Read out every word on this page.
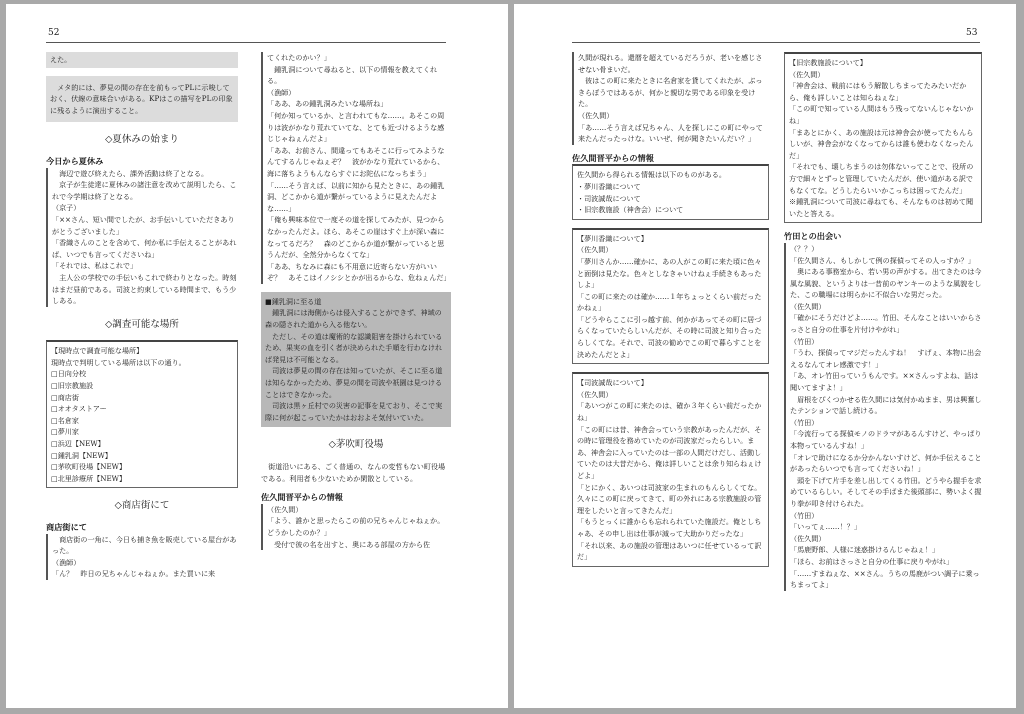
52

えた。

　メタ的には、夢見の間の存在を前もってPLに示唆しておく、伏線の意味合いがある。KPはこの描写をPLの印象に残るように演出すること。

◇夏休みの始まり

今日から夏休み

　海辺で遊び終えたら、課外活動は終了となる。

　京子が生徒達に夏休みの諸注意を改めて説明したら、これで今学期は終了となる。

（京子）

「××さん、短い間でしたが、お手伝いしていただきありがとうございました」

「香織さんのことを含めて、何か私に手伝えることがあれば、いつでも言ってくださいね」

「それでは、私はこれで」

　主人公の学校での手伝いもこれで終わりとなった。時刻はまだ昼前である。司波と約束している時間まで、もう少しある。

◇調査可能な場所

【現時点で調査可能な場所】

現時点で判明している場所は以下の通り。

□日向分校

□旧宗教施設

□商店街

□オオタストアー

□名倉家

□夢川家

□浜辺【NEW】

□鍾乳洞【NEW】

□茅吹町役場【NEW】

□北里診療所【NEW】

◇商店街にて

商店街にて

　商店街の一角に、今日も捕き魚を販売している屋台があった。

（漁師）

「ん？　昨日の兄ちゃんじゃねぇか。また買いに来

てくれたのかい？」

　鍾乳洞について尋ねると、以下の情報を教えてくれる。

（漁師）

「ああ、あの鍾乳洞みたいな場所ね」

「何か知っているか、と言われてもな……。あそこの周りは波がかなり荒れていてな、とても近づけるような感じじゃねぇんだよ」

「ああ、お前さん、間違ってもあそこに行ってみようなんてするんじゃねぇぞ？　波がかなり荒れているから、海に落ちようもんならすぐにお陀仏になっちまう」

「……そう言えば、以前に知から見たときに、あの鍾乳洞、どこかから道が繋がっているように見えたんだよな……」

「俺も興味本位で一度その道を探してみたが、見つからなかったんだよ。ほら、あそこの崖はすぐ上が深い森になってるだろ？　森のどこからか道が繋がっていると思うんだが、全然分からなくてな」

「ああ、ちなみに森にも不用意に近寄らない方がいいぞ？　あそこはイノシシとかが出るからな、危ねぇんだ」

■鍾乳洞に至る道

　鍾乳洞には海側からは侵入することができず、神域の森の隠された道から入る他ない。

　ただし、その道は魔術的な認識阻害を掛けられているため、果実の血を引く者が決められた手順を行わなければ発見は不可能となる。

　司波は夢見の間の存在は知っていたが、そこに至る道は知らなかったため、夢見の間を司波や祇園は見つけることはできなかった。

　司波は黒ヶ丘村での災害の記事を見ており、そこで実際に何が起こっていたかはおおよそ気付いていた。

◇茅吹町役場

　街道沿いにある、ごく普通の、なんの変哲もない町役場である。利用者も少ないためか閑散としている。

佐久間晋平からの情報

（佐久間）

「よう、誰かと思ったらこの前の兄ちゃんじゃねぇか。どうかしたのか？」

　受付で彼の名を出すと、奥にある部屋の方から佐

53

久間が現れる。還暦を超えているだろうが、老いを感じさせない骨まいだ。

　彼はこの町に来たときに名倉家を貸してくれたが、ぶっきらぼうではあるが、何かと親切な男である印象を受けた。

（佐久間）

「あ……そう言えば兄ちゃん、人を探しにこの町にやって来たんだったっけな。いいぜ、何が聞きたいんだい？」

佐久間晋平からの情報

佐久間から得られる情報は以下のものがある。

・夢川香織について

・司波誠哉について

・旧宗教施設（神舎会）について

【夢川香織について】

（佐久間）

「夢川さんか……確かに、あの人がこの町に来た頃に色々と面倒は見たな。色々としなきゃいけねぇ手続きもあったしよ」

「この町に来たのは確か……１年ちょっとくらい前だったかねぇ」

「どうやらここに引っ越す前、何かがあってその町に居づらくなっていたらしいんだが、その時に司波と知り合ったらしくてな。それで、司波の勧めでこの町で暮らすことを決めたんだとよ」

【司波誠哉について】

（佐久間）

「あいつがこの町に来たのは、確か３年くらい前だったかね」

「この町には昔、神舎会っていう宗教があったんだが、その時に管理役を務めていたのが司波家だったらしい。まあ、神舎会に入っていたのは一部の人間だけだし、活動していたのは大昔だから、俺は詳しいことは余り知らねぇけどよ」

「とにかく、あいつは司波家の生まれのもんらしくてな。久々にこの町に戻ってきて、町の外れにある宗教施設の管理をしたいと言ってきたんだ」

「もうとっくに誰からも忘れられていた施設だ。俺としちゃあ、その申し出は仕事が減って大助かりだったな」

「それ以来、あの施設の管理はあいつに任せているって訳だ」

【旧宗教施設について】

（佐久間）

「神舎会は、戦前にはもう解散しちまってたみたいだから、俺も詳しいことは知らねぇな」

「この町で知っている人間はもう残ってないんじゃないかね」

「まあとにかく、あの施設は元は神舎会が使ってたもんらしいが、神舎会がなくなってからは誰も使わなくなったんだ」

「それでも、壊しちまうのは勿体ないってことで、役所の方で細々とずっと管理していたんだが、使い道がある訳でもなくてな。どうしたらいいかこっちは困ってたんだ」

※鍾乳洞について司波に尋ねても、そんなものは初めて聞いたと答える。

竹田との出会い

（？？）

「佐久間さん、もしかして例の探偵ってその人っすか？」

　奥にある事務室から、若い男の声がする。出てきたのは今風な風貌、というよりは一昔前のヤンキーのような風貌をした、この職場には明らかに不似合いな男だった。

（佐久間）

「確かにそうだけどよ……。竹田、そんなことはいいからさっさと自分の仕事を片付けやがれ」

（竹田）

「うわ、探偵ってマジだったんすね！　すげぇ、本物に出会えるなんてオレ感激です！」

「あ、オレ竹田っていうもんです。××さんっすよね、話は聞いてますよ！」

　眉根をぴくつかせる佐久間には気付かぬまま、男は興奮したテンションで話し続ける。

（竹田）

「今流行ってる探偵モノのドラマがあるんすけど、やっぱり本物っているんすね！」

「オレで助けになるか分かんないすけど、何か手伝えることがあったらいつでも言ってくださいね！」

　頭を下げて片手を差し出してくる竹田。どうやら握手を求めているらしい。そしてその手ばまた後頭部に、勢いよく握り拳が叩き付けられた。

（竹田）

「いってぇ……！？」

（佐久間）

「馬鹿野郎、人様に迷惑掛けるんじゃねぇ！」

「ほら、お前はさっさと自分の仕事に戻りやがれ」

「……すまねぇな、××さん。うちの馬鹿がつい調子に乗っちまってよ」
